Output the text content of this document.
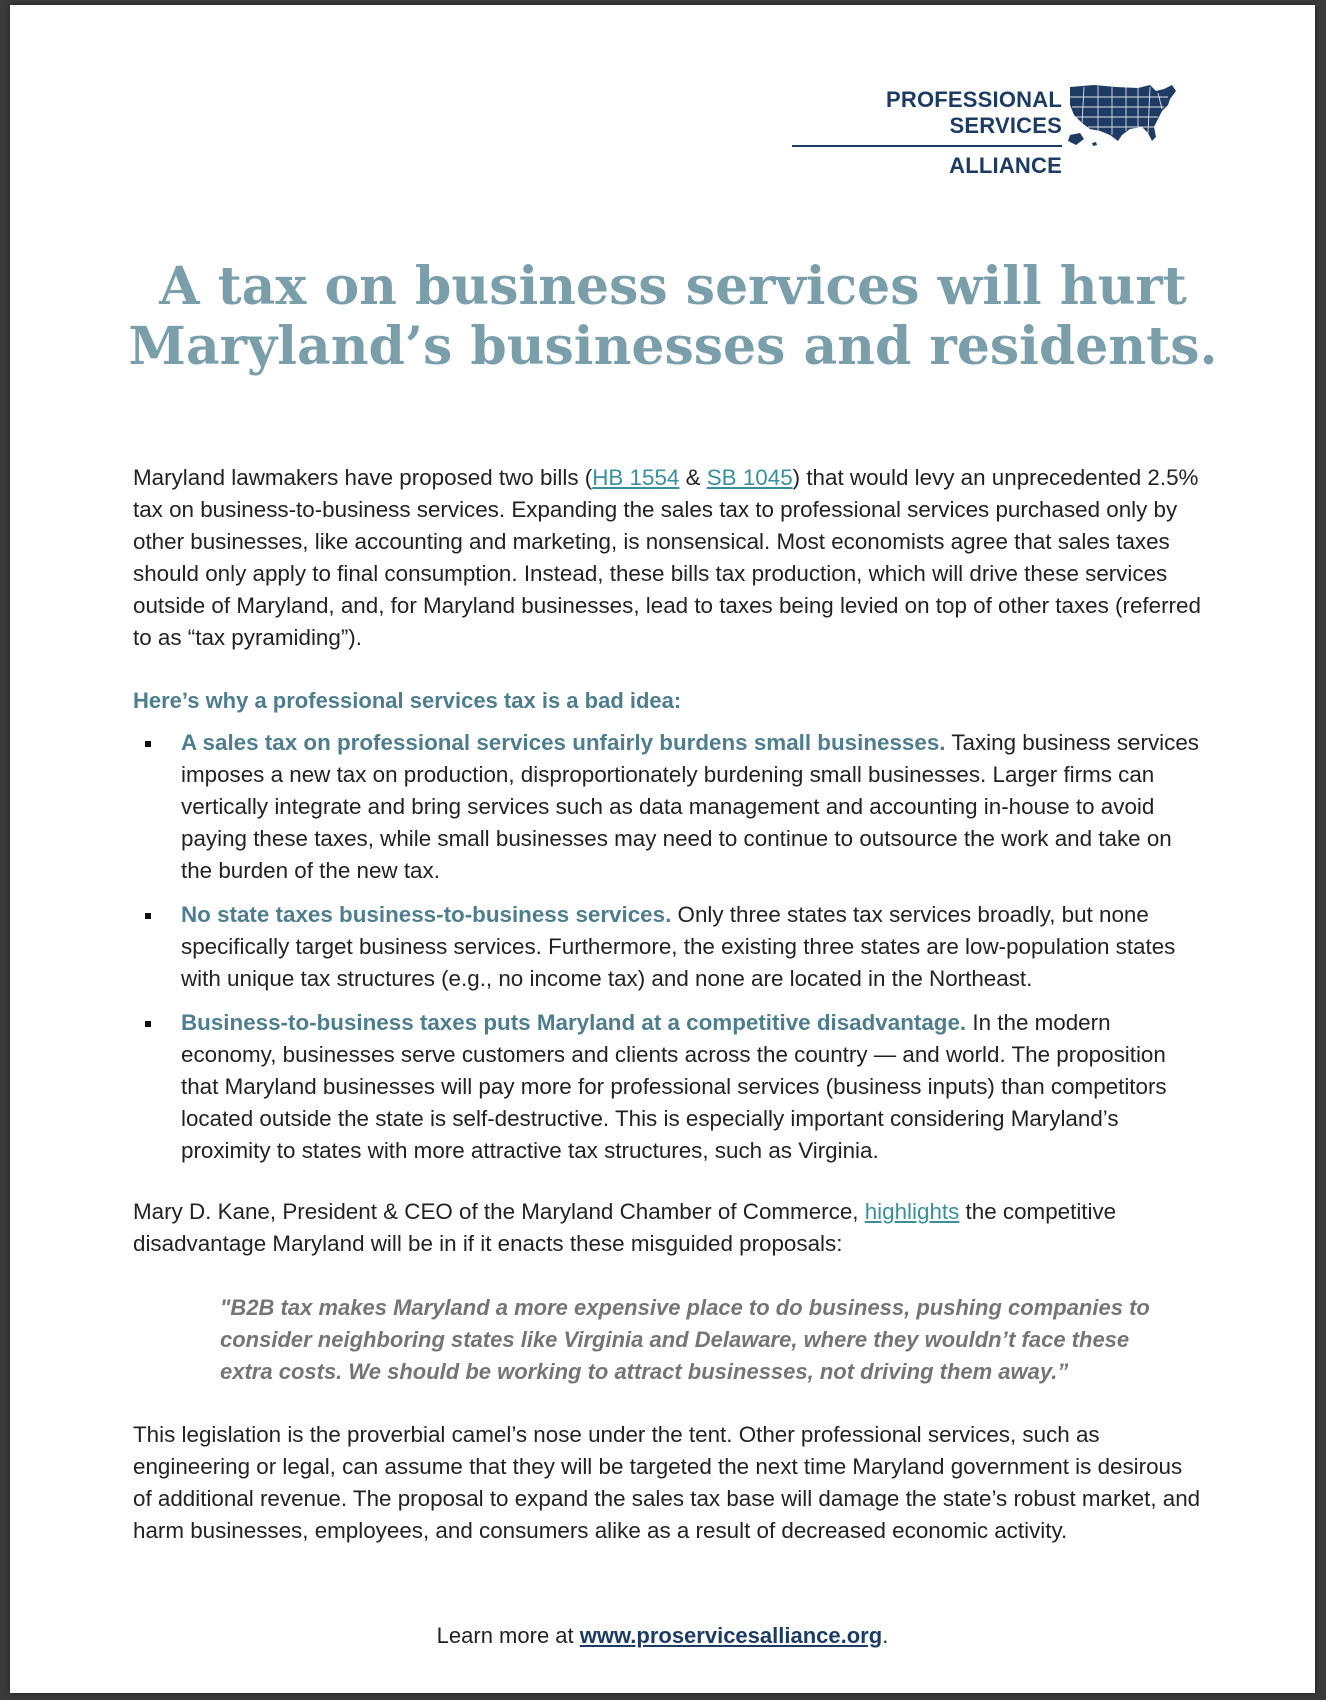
PROFESSIONAL SERVICES
ALLIANCE
A tax on business services will hurt
Maryland’s businesses and residents.
Maryland lawmakers have proposed two bills (HB 1554 & SB 1045) that would levy an unprecedented 2.5% tax on business-to-business services. Expanding the sales tax to professional services purchased only by other businesses, like accounting and marketing, is nonsensical. Most economists agree that sales taxes should only apply to final consumption. Instead, these bills tax production, which will drive these services outside of Maryland, and, for Maryland businesses, lead to taxes being levied on top of other taxes (referred to as “tax pyramiding”).
Here’s why a professional services tax is a bad idea:
A sales tax on professional services unfairly burdens small businesses. Taxing business services imposes a new tax on production, disproportionately burdening small businesses. Larger firms can vertically integrate and bring services such as data management and accounting in-house to avoid paying these taxes, while small businesses may need to continue to outsource the work and take on the burden of the new tax.
No state taxes business-to-business services. Only three states tax services broadly, but none specifically target business services. Furthermore, the existing three states are low-population states with unique tax structures (e.g., no income tax) and none are located in the Northeast.
Business-to-business taxes puts Maryland at a competitive disadvantage. In the modern economy, businesses serve customers and clients across the country — and world. The proposition that Maryland businesses will pay more for professional services (business inputs) than competitors located outside the state is self-destructive. This is especially important considering Maryland’s proximity to states with more attractive tax structures, such as Virginia.
Mary D. Kane, President & CEO of the Maryland Chamber of Commerce, highlights the competitive disadvantage Maryland will be in if it enacts these misguided proposals:
"B2B tax makes Maryland a more expensive place to do business, pushing companies to consider neighboring states like Virginia and Delaware, where they wouldn’t face these extra costs. We should be working to attract businesses, not driving them away.”
This legislation is the proverbial camel’s nose under the tent. Other professional services, such as engineering or legal, can assume that they will be targeted the next time Maryland government is desirous of additional revenue. The proposal to expand the sales tax base will damage the state’s robust market, and harm businesses, employees, and consumers alike as a result of decreased economic activity.
Learn more at www.proservicesalliance.org.
